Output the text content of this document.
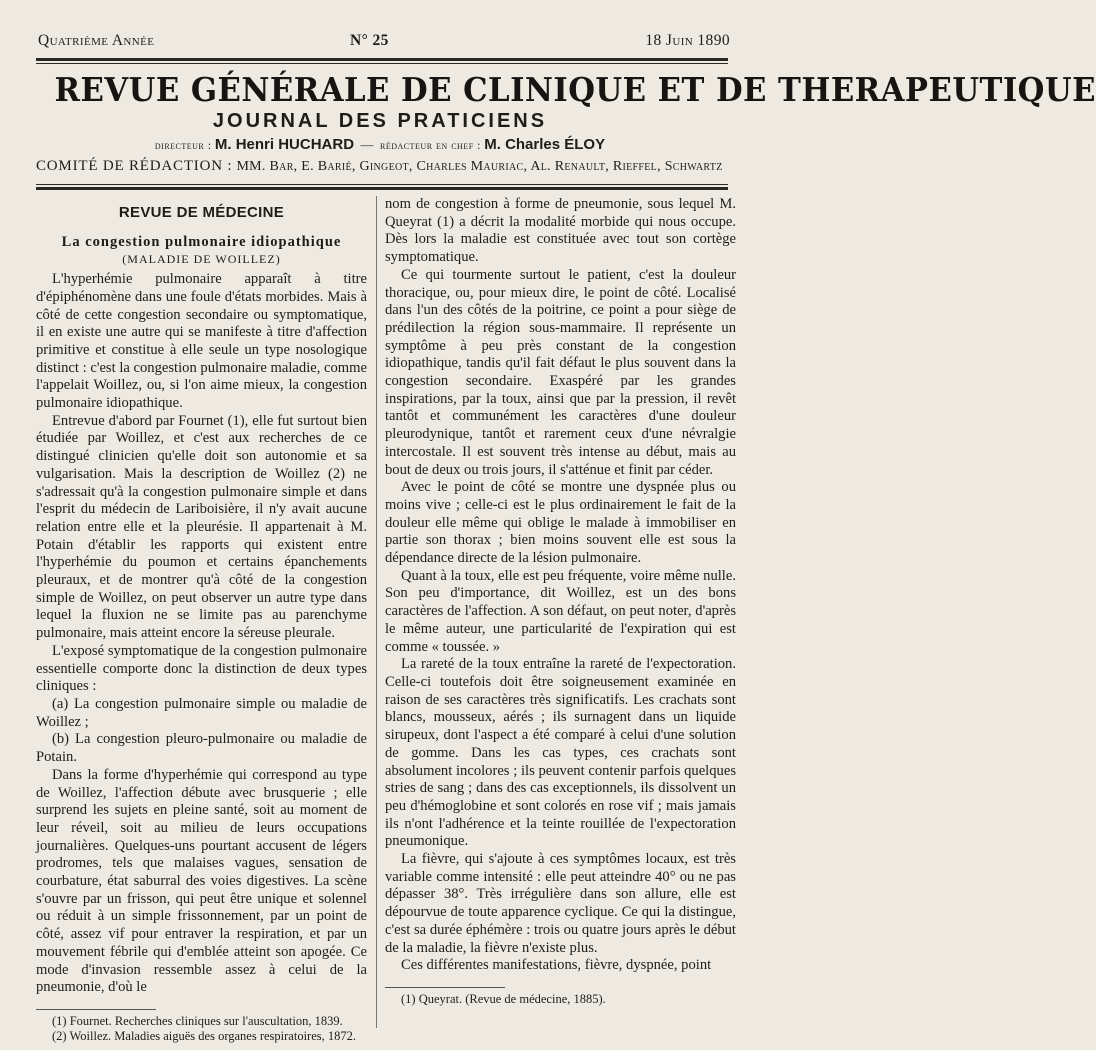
Quatrième Année	N° 25	18 Juin 1890
REVUE GÉNÉRALE DE CLINIQUE ET DE THERAPEUTIQUE
JOURNAL DES PRATICIENS
directeur : M. Henri HUCHARD — rédacteur en chef : M. Charles ÉLOY
COMITÉ DE RÉDACTION : MM. Bar, E. Barié, Gingeot, Charles Mauriac, Al. Renault, Rieffel, Schwartz
REVUE DE MÉDECINE
La congestion pulmonaire idiopathique
(MALADIE DE WOILLEZ)

L'hyperhémie pulmonaire apparaît à titre d'épiphénomène dans une foule d'états morbides. Mais à côté de cette congestion secondaire ou symptomatique, il en existe une autre qui se manifeste à titre d'affection primitive et constitue à elle seule un type nosologique distinct : c'est la congestion pulmonaire maladie, comme l'appelait Woillez, ou, si l'on aime mieux, la congestion pulmonaire idiopathique.

Entrevue d'abord par Fournet (1), elle fut surtout bien étudiée par Woillez, et c'est aux recherches de ce distingué clinicien qu'elle doit son autonomie et sa vulgarisation. Mais la description de Woillez (2) ne s'adressait qu'à la congestion pulmonaire simple et dans l'esprit du médecin de Lariboisière, il n'y avait aucune relation entre elle et la pleurésie. Il appartenait à M. Potain d'établir les rapports qui existent entre l'hyperhémie du poumon et certains épanchements pleuraux, et de montrer qu'à côté de la congestion simple de Woillez, on peut observer un autre type dans lequel la fluxion ne se limite pas au parenchyme pulmonaire, mais atteint encore la séreuse pleurale.

L'exposé symptomatique de la congestion pulmonaire essentielle comporte donc la distinction de deux types cliniques :

(a) La congestion pulmonaire simple ou maladie de Woillez ;

(b) La congestion pleuro-pulmonaire ou maladie de Potain.

Dans la forme d'hyperhémie qui correspond au type de Woillez, l'affection débute avec brusquerie ; elle surprend les sujets en pleine santé, soit au moment de leur réveil, soit au milieu de leurs occupations journalières. Quelques-uns pourtant accusent de légers prodromes, tels que malaises vagues, sensation de courbature, état saburral des voies digestives. La scène s'ouvre par un frisson, qui peut être unique et solennel ou réduit à un simple frissonnement, par un point de côté, assez vif pour entraver la respiration, et par un mouvement fébrile qui d'emblée atteint son apogée. Ce mode d'invasion ressemble assez à celui de la pneumonie, d'où le

(1) Fournet. Recherches cliniques sur l'auscultation, 1839.

(2) Woillez. Maladies aiguës des organes respiratoires, 1872.

nom de congestion à forme de pneumonie, sous lequel M. Queyrat (1) a décrit la modalité morbide qui nous occupe. Dès lors la maladie est constituée avec tout son cortège symptomatique.

Ce qui tourmente surtout le patient, c'est la douleur thoracique, ou, pour mieux dire, le point de côté. Localisé dans l'un des côtés de la poitrine, ce point a pour siège de prédilection la région sous-mammaire. Il représente un symptôme à peu près constant de la congestion idiopathique, tandis qu'il fait défaut le plus souvent dans la congestion secondaire. Exaspéré par les grandes inspirations, par la toux, ainsi que par la pression, il revêt tantôt et communément les caractères d'une douleur pleurodynique, tantôt et rarement ceux d'une névralgie intercostale. Il est souvent très intense au début, mais au bout de deux ou trois jours, il s'atténue et finit par céder.

Avec le point de côté se montre une dyspnée plus ou moins vive ; celle-ci est le plus ordinairement le fait de la douleur elle même qui oblige le malade à immobiliser en partie son thorax ; bien moins souvent elle est sous la dépendance directe de la lésion pulmonaire.

Quant à la toux, elle est peu fréquente, voire même nulle. Son peu d'importance, dit Woillez, est un des bons caractères de l'affection. A son défaut, on peut noter, d'après le même auteur, une particularité de l'expiration qui est comme « toussée. »

La rareté de la toux entraîne la rareté de l'expectoration. Celle-ci toutefois doit être soigneusement examinée en raison de ses caractères très significatifs. Les crachats sont blancs, mousseux, aérés ; ils surnagent dans un liquide sirupeux, dont l'aspect a été comparé à celui d'une solution de gomme. Dans les cas types, ces crachats sont absolument incolores ; ils peuvent contenir parfois quelques stries de sang ; dans des cas exceptionnels, ils dissolvent un peu d'hémoglobine et sont colorés en rose vif ; mais jamais ils n'ont l'adhérence et la teinte rouillée de l'expectoration pneumonique.

La fièvre, qui s'ajoute à ces symptômes locaux, est très variable comme intensité : elle peut atteindre 40° ou ne pas dépasser 38°. Très irrégulière dans son allure, elle est dépourvue de toute apparence cyclique. Ce qui la distingue, c'est sa durée éphémère : trois ou quatre jours après le début de la maladie, la fièvre n'existe plus.

Ces différentes manifestations, fièvre, dyspnée, point

(1) Queyrat. (Revue de médecine, 1885).
